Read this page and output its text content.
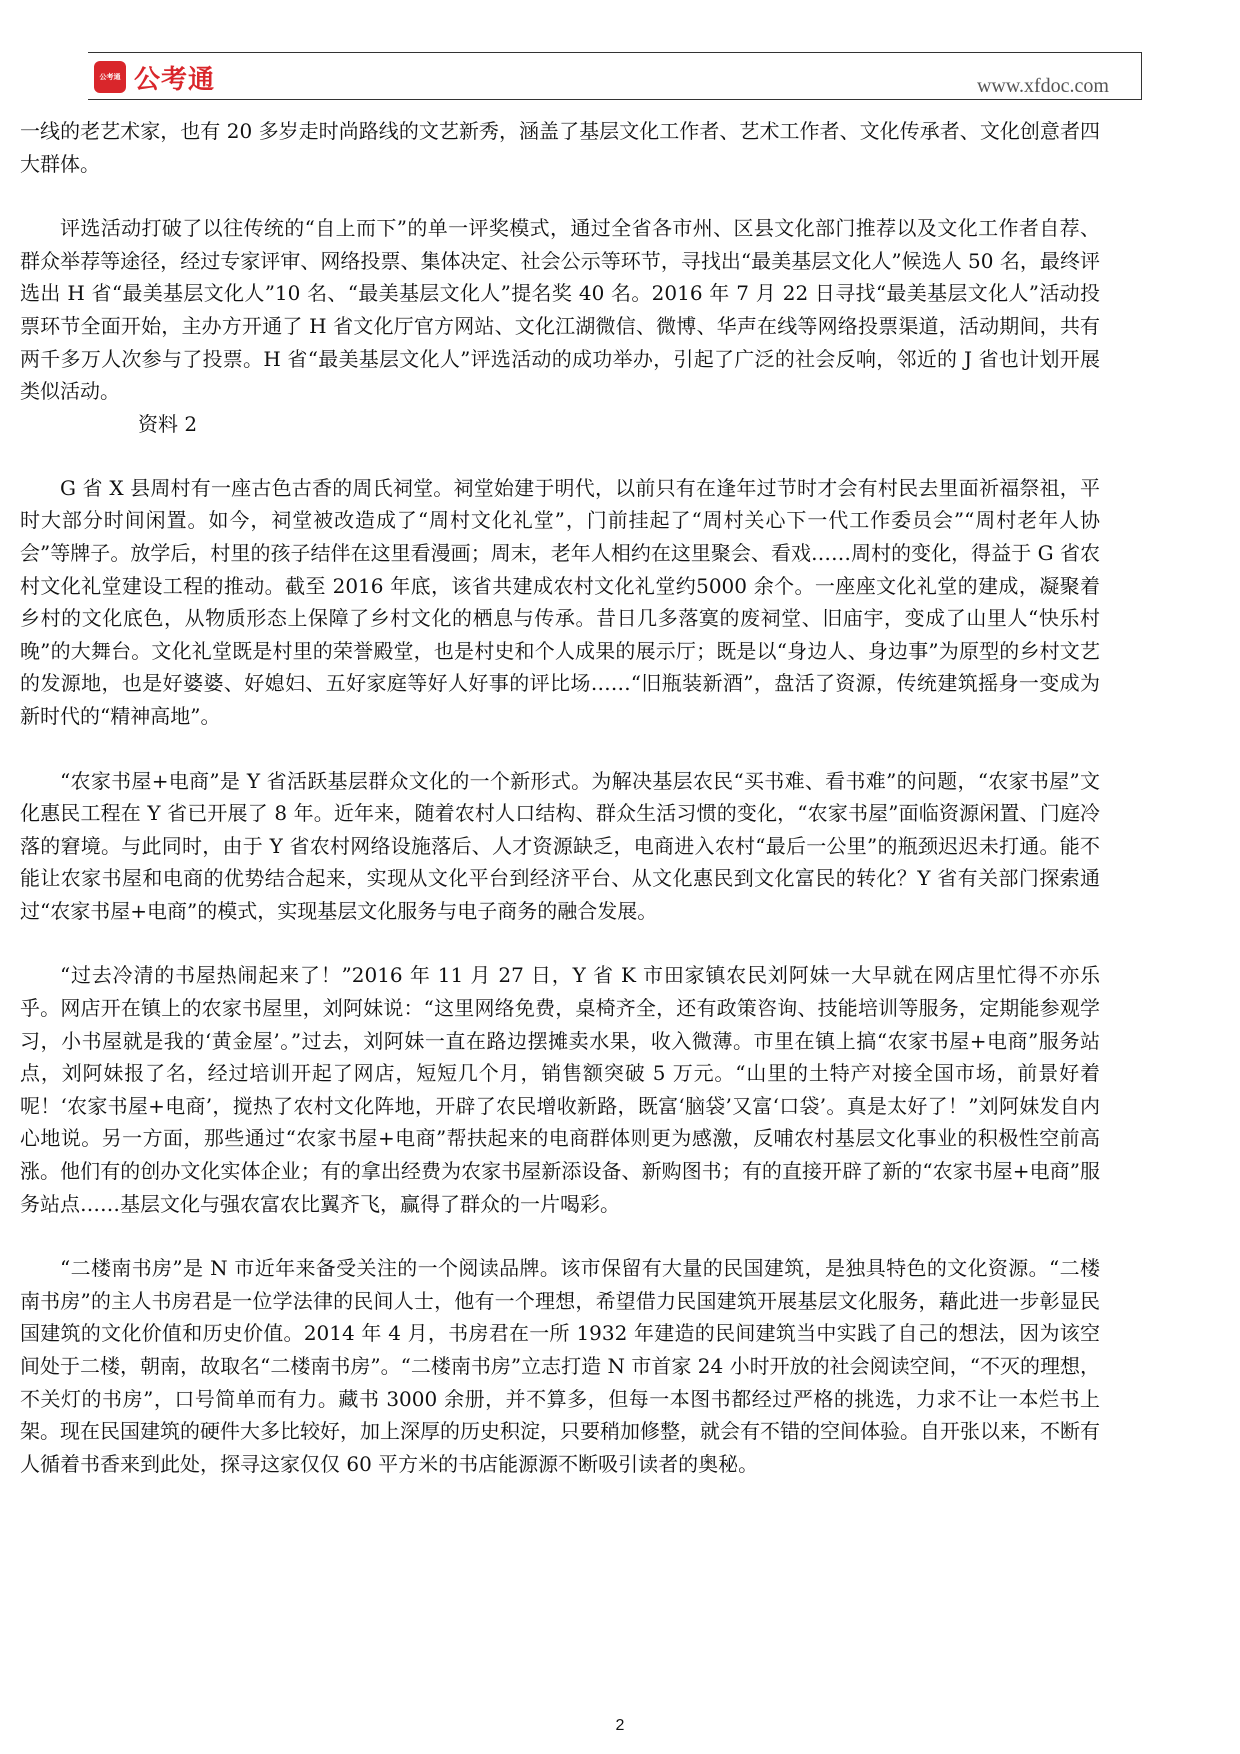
公考通 公考通	www.xfdoc.com

一线的老艺术家，也有 20 多岁走时尚路线的文艺新秀，涵盖了基层文化工作者、艺术工作者、文化传承者、文化创意者四大群体。

评选活动打破了以往传统的“自上而下”的单一评奖模式，通过全省各市州、区县文化部门推荐以及文化工作者自荐、群众举荐等途径，经过专家评审、网络投票、集体决定、社会公示等环节，寻找出“最美基层文化人”候选人 50 名，最终评选出 H 省“最美基层文化人”10 名、“最美基层文化人”提名奖 40 名。2016 年 7 月 22 日寻找“最美基层文化人”活动投票环节全面开始，主办方开通了 H 省文化厅官方网站、文化江湖微信、微博、华声在线等网络投票渠道，活动期间，共有两千多万人次参与了投票。H 省“最美基层文化人”评选活动的成功举办，引起了广泛的社会反响，邻近的 J 省也计划开展类似活动。

资料 2

G 省 X 县周村有一座古色古香的周氏祠堂。祠堂始建于明代，以前只有在逢年过节时才会有村民去里面祈福祭祖，平时大部分时间闲置。如今，祠堂被改造成了“周村文化礼堂”，门前挂起了“周村关心下一代工作委员会”“周村老年人协会”等牌子。放学后，村里的孩子结伴在这里看漫画；周末，老年人相约在这里聚会、看戏……周村的变化，得益于 G 省农村文化礼堂建设工程的推动。截至 2016 年底，该省共建成农村文化礼堂约5000 余个。一座座文化礼堂的建成，凝聚着乡村的文化底色，从物质形态上保障了乡村文化的栖息与传承。昔日几多落寞的废祠堂、旧庙宇，变成了山里人“快乐村晚”的大舞台。文化礼堂既是村里的荣誉殿堂，也是村史和个人成果的展示厅；既是以“身边人、身边事”为原型的乡村文艺的发源地，也是好婆婆、好媳妇、五好家庭等好人好事的评比场……“旧瓶装新酒”，盘活了资源，传统建筑摇身一变成为新时代的“精神高地”。

“农家书屋+电商”是 Y 省活跃基层群众文化的一个新形式。为解决基层农民“买书难、看书难”的问题，“农家书屋”文化惠民工程在 Y 省已开展了 8 年。近年来，随着农村人口结构、群众生活习惯的变化，“农家书屋”面临资源闲置、门庭冷落的窘境。与此同时，由于 Y 省农村网络设施落后、人才资源缺乏，电商进入农村“最后一公里”的瓶颈迟迟未打通。能不能让农家书屋和电商的优势结合起来，实现从文化平台到经济平台、从文化惠民到文化富民的转化？Y 省有关部门探索通过“农家书屋+电商”的模式，实现基层文化服务与电子商务的融合发展。

“过去冷清的书屋热闹起来了！”2016 年 11 月 27 日，Y 省 K 市田家镇农民刘阿妹一大早就在网店里忙得不亦乐乎。网店开在镇上的农家书屋里，刘阿妹说：“这里网络免费，桌椅齐全，还有政策咨询、技能培训等服务，定期能参观学习，小书屋就是我的‘黄金屋’。”过去，刘阿妹一直在路边摆摊卖水果，收入微薄。市里在镇上搞“农家书屋+电商”服务站点，刘阿妹报了名，经过培训开起了网店，短短几个月，销售额突破 5 万元。“山里的土特产对接全国市场，前景好着呢！‘农家书屋+电商’，搅热了农村文化阵地，开辟了农民增收新路，既富‘脑袋’又富‘口袋’。真是太好了！”刘阿妹发自内心地说。另一方面，那些通过“农家书屋+电商”帮扶起来的电商群体则更为感激，反哺农村基层文化事业的积极性空前高涨。他们有的创办文化实体企业；有的拿出经费为农家书屋新添设备、新购图书；有的直接开辟了新的“农家书屋+电商”服务站点……基层文化与强农富农比翼齐飞，赢得了群众的一片喝彩。

“二楼南书房”是 N 市近年来备受关注的一个阅读品牌。该市保留有大量的民国建筑，是独具特色的文化资源。“二楼南书房”的主人书房君是一位学法律的民间人士，他有一个理想，希望借力民国建筑开展基层文化服务，藉此进一步彰显民国建筑的文化价值和历史价值。2014 年 4 月，书房君在一所 1932 年建造的民间建筑当中实践了自己的想法，因为该空间处于二楼，朝南，故取名“二楼南书房”。“二楼南书房”立志打造 N 市首家 24 小时开放的社会阅读空间，“不灭的理想，不关灯的书房”，口号简单而有力。藏书 3000 余册，并不算多，但每一本图书都经过严格的挑选，力求不让一本烂书上架。现在民国建筑的硬件大多比较好，加上深厚的历史积淀，只要稍加修整，就会有不错的空间体验。自开张以来，不断有人循着书香来到此处，探寻这家仅仅 60 平方米的书店能源源不断吸引读者的奥秘。

2
